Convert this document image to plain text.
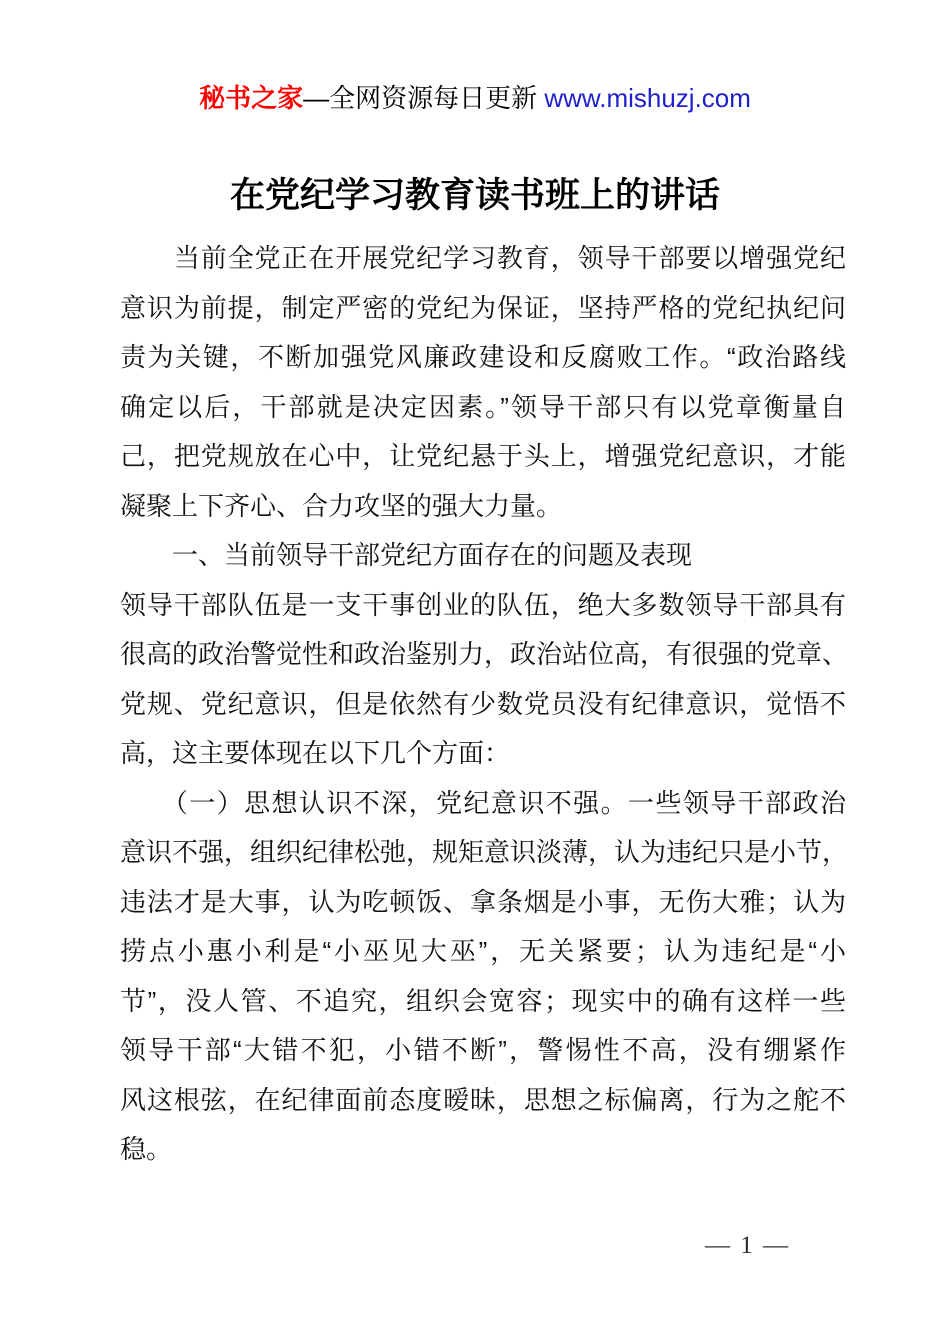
秘书之家—全网资源每日更新 www.mishuzj.com
在党纪学习教育读书班上的讲话
　　当前全党正在开展党纪学习教育，领导干部要以增强党纪
意识为前提，制定严密的党纪为保证，坚持严格的党纪执纪问
责为关键，不断加强党风廉政建设和反腐败工作。“政治路线
确定以后，干部就是决定因素。”领导干部只有以党章衡量自
己，把党规放在心中，让党纪悬于头上，增强党纪意识，才能
凝聚上下齐心、合力攻坚的强大力量。
　　一、当前领导干部党纪方面存在的问题及表现
领导干部队伍是一支干事创业的队伍，绝大多数领导干部具有
很高的政治警觉性和政治鉴别力，政治站位高，有很强的党章、
党规、党纪意识，但是依然有少数党员没有纪律意识，觉悟不
高，这主要体现在以下几个方面：
　　（一）思想认识不深，党纪意识不强。一些领导干部政治
意识不强，组织纪律松弛，规矩意识淡薄，认为违纪只是小节，
违法才是大事，认为吃顿饭、拿条烟是小事，无伤大雅；认为
捞点小惠小利是“小巫见大巫”，无关紧要；认为违纪是“小
节”，没人管、不追究，组织会宽容；现实中的确有这样一些
领导干部“大错不犯，小错不断”，警惕性不高，没有绷紧作
风这根弦，在纪律面前态度暧昧，思想之标偏离，行为之舵不
稳。
— 1 —
